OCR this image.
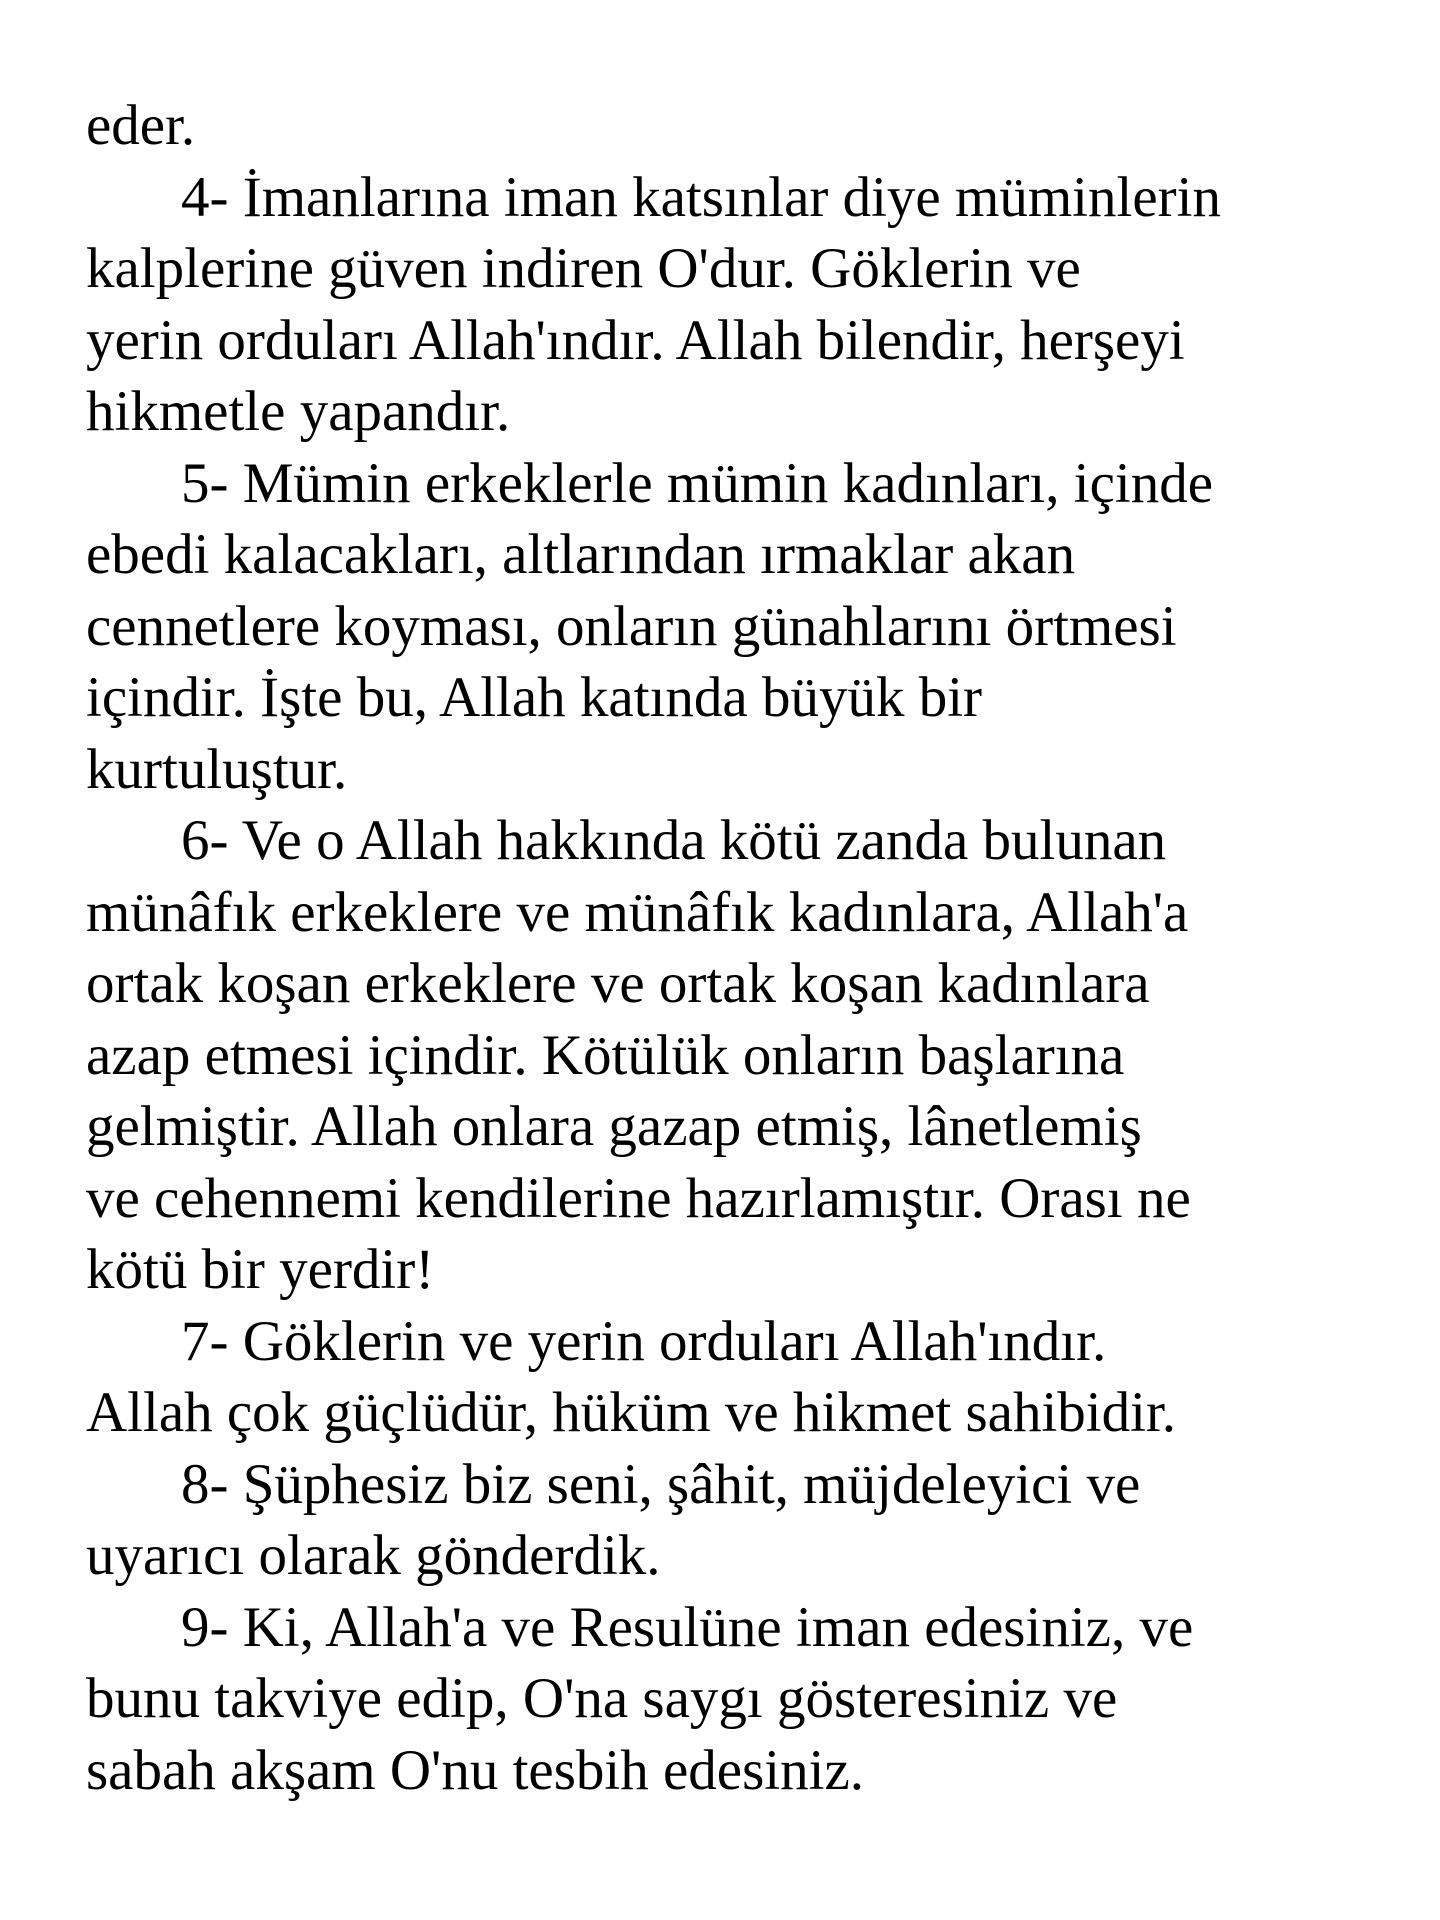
eder.
4- İmanlarına iman katsınlar diye müminlerin
kalplerine güven indiren O'dur. Göklerin ve
yerin orduları Allah'ındır. Allah bilendir, herşeyi
hikmetle yapandır.
5- Mümin erkeklerle mümin kadınları, içinde
ebedi kalacakları, altlarından ırmaklar akan
cennetlere koyması, onların günahlarını örtmesi
içindir. İşte bu, Allah katında büyük bir
kurtuluştur.
6- Ve o Allah hakkında kötü zanda bulunan
münâfık erkeklere ve münâfık kadınlara, Allah'a
ortak koşan erkeklere ve ortak koşan kadınlara
azap etmesi içindir. Kötülük onların başlarına
gelmiştir. Allah onlara gazap etmiş, lânetlemiş
ve cehennemi kendilerine hazırlamıştır. Orası ne
kötü bir yerdir!
7- Göklerin ve yerin orduları Allah'ındır.
Allah çok güçlüdür, hüküm ve hikmet sahibidir.
8- Şüphesiz biz seni, şâhit, müjdeleyici ve
uyarıcı olarak gönderdik.
9- Ki, Allah'a ve Resulüne iman edesiniz, ve
bunu takviye edip, O'na saygı gösteresiniz ve
sabah akşam O'nu tesbih edesiniz.
